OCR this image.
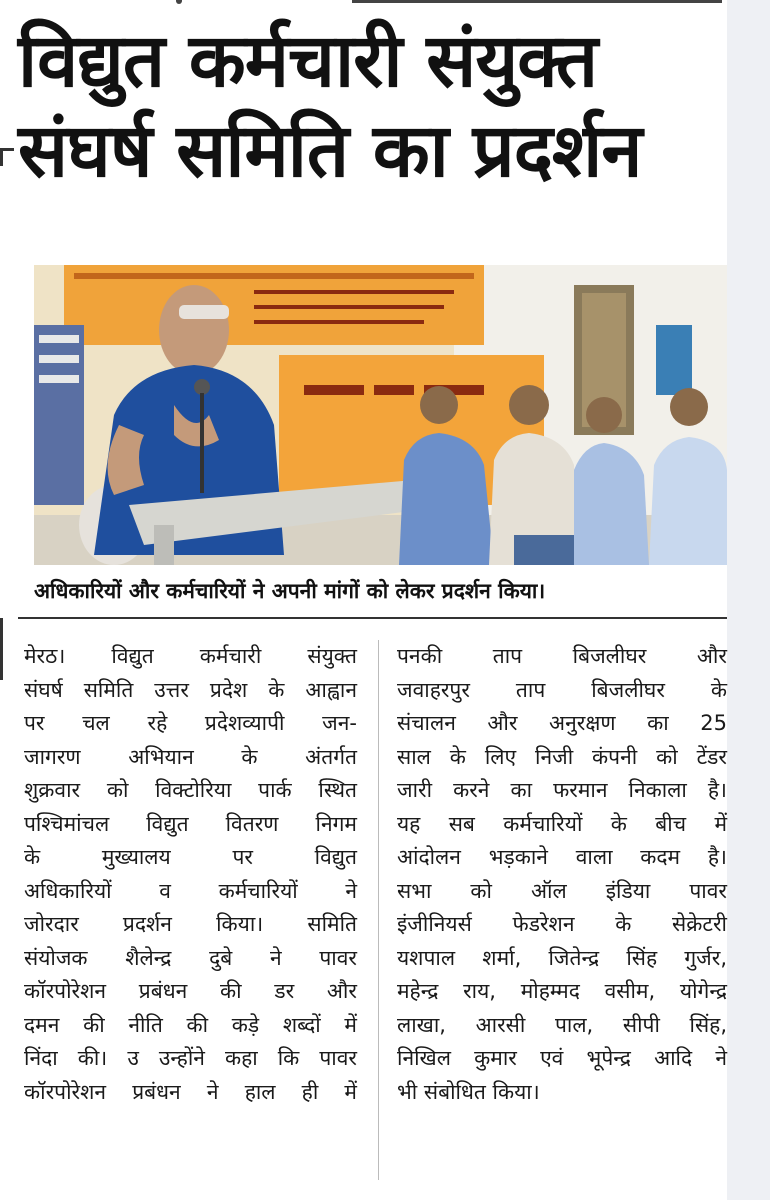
विद्युत कर्मचारी संयुक्त
संघर्ष समिति का प्रदर्शन
अधिकारियों और कर्मचारियों ने अपनी मांगों को लेकर प्रदर्शन किया।
मेरठ। विद्युत कर्मचारी संयुक्त
संघर्ष समिति उत्तर प्रदेश के आह्वान
पर चल रहे प्रदेशव्यापी जन-
जागरण अभियान के अंतर्गत
शुक्रवार को विक्टोरिया पार्क स्थित
पश्चिमांचल विद्युत वितरण निगम
के मुख्यालय पर विद्युत
अधिकारियों व कर्मचारियों ने
जोरदार प्रदर्शन किया। समिति
संयोजक शैलेन्द्र दुबे ने पावर
कॉरपोरेशन प्रबंधन की डर और
दमन की नीति की कड़े शब्दों में
निंदा की। उ उन्होंने कहा कि पावर
कॉरपोरेशन प्रबंधन ने हाल ही में
पनकी ताप बिजलीघर और
जवाहरपुर ताप बिजलीघर के
संचालन और अनुरक्षण का 25
साल के लिए निजी कंपनी को टेंडर
जारी करने का फरमान निकाला है।
यह सब कर्मचारियों के बीच में
आंदोलन भड़काने वाला कदम है।
सभा को ऑल इंडिया पावर
इंजीनियर्स फेडरेशन के सेक्रेटरी
यशपाल शर्मा, जितेन्द्र सिंह गुर्जर,
महेन्द्र राय, मोहम्मद वसीम, योगेन्द्र
लाखा, आरसी पाल, सीपी सिंह,
निखिल कुमार एवं भूपेन्द्र आदि ने
भी संबोधित किया।
